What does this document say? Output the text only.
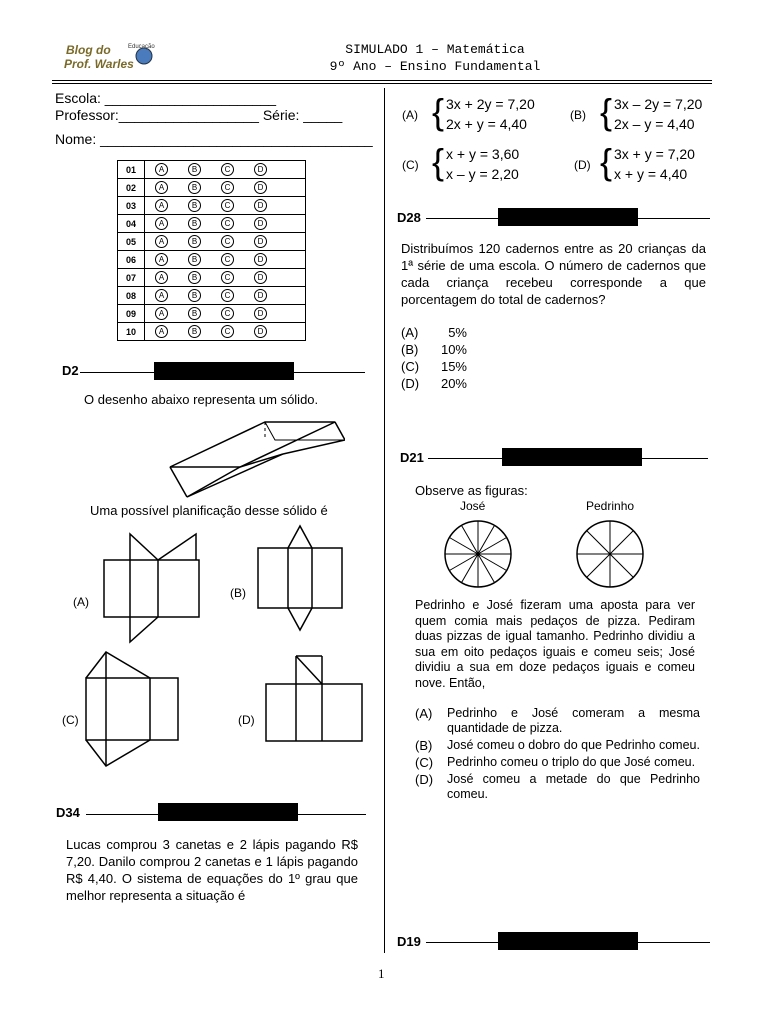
Blog do
Prof. Warles
Educação	SIMULADO 1 – Matemática
9º Ano – Ensino Fundamental
Escola: ______________________
Professor:__________________ Série: _____
Nome: ___________________________________
01	A B C D
02	A B C D
03	A B C D
04	A B C D
05	A B C D
06	A B C D
07	A B C D
08	A B C D
09	A B C D
10	A B C D
D2
O desenho abaixo representa um sólido.
Uma possível planificação desse sólido é
(A)
(B)
(C)	(D)
D34
Lucas comprou 3 canetas e 2 lápis pagando R$ 7,20. Danilo comprou 2 canetas e 1 lápis pagando R$ 4,40. O sistema de equações do 1º grau que melhor representa a situação é
(A) { 3x + 2y = 7,20
2x + y = 4,40
(B) { 3x – 2y = 7,20
2x – y = 4,40
(C) { x + y = 3,60
x – y = 2,20
(D) { 3x + y = 7,20
x + y = 4,40
D28
Distribuímos 120 cadernos entre as 20 crianças da 1ª série de uma escola. O número de cadernos que cada criança recebeu corresponde a que porcentagem do total de cadernos?
(A) 5%
(B) 10%
(C) 15%
(D) 20%
D21
Observe as figuras:
José	Pedrinho
Pedrinho e José fizeram uma aposta para ver quem comia mais pedaços de pizza. Pediram duas pizzas de igual tamanho. Pedrinho dividiu a sua em oito pedaços iguais e comeu seis; José dividiu a sua em doze pedaços iguais e comeu nove. Então,
(A)	Pedrinho e José comeram a mesma quantidade de pizza.
(B)	José comeu o dobro do que Pedrinho comeu.
(C)	Pedrinho comeu o triplo do que José comeu.
(D)	José comeu a metade do que Pedrinho comeu.
D19
1
